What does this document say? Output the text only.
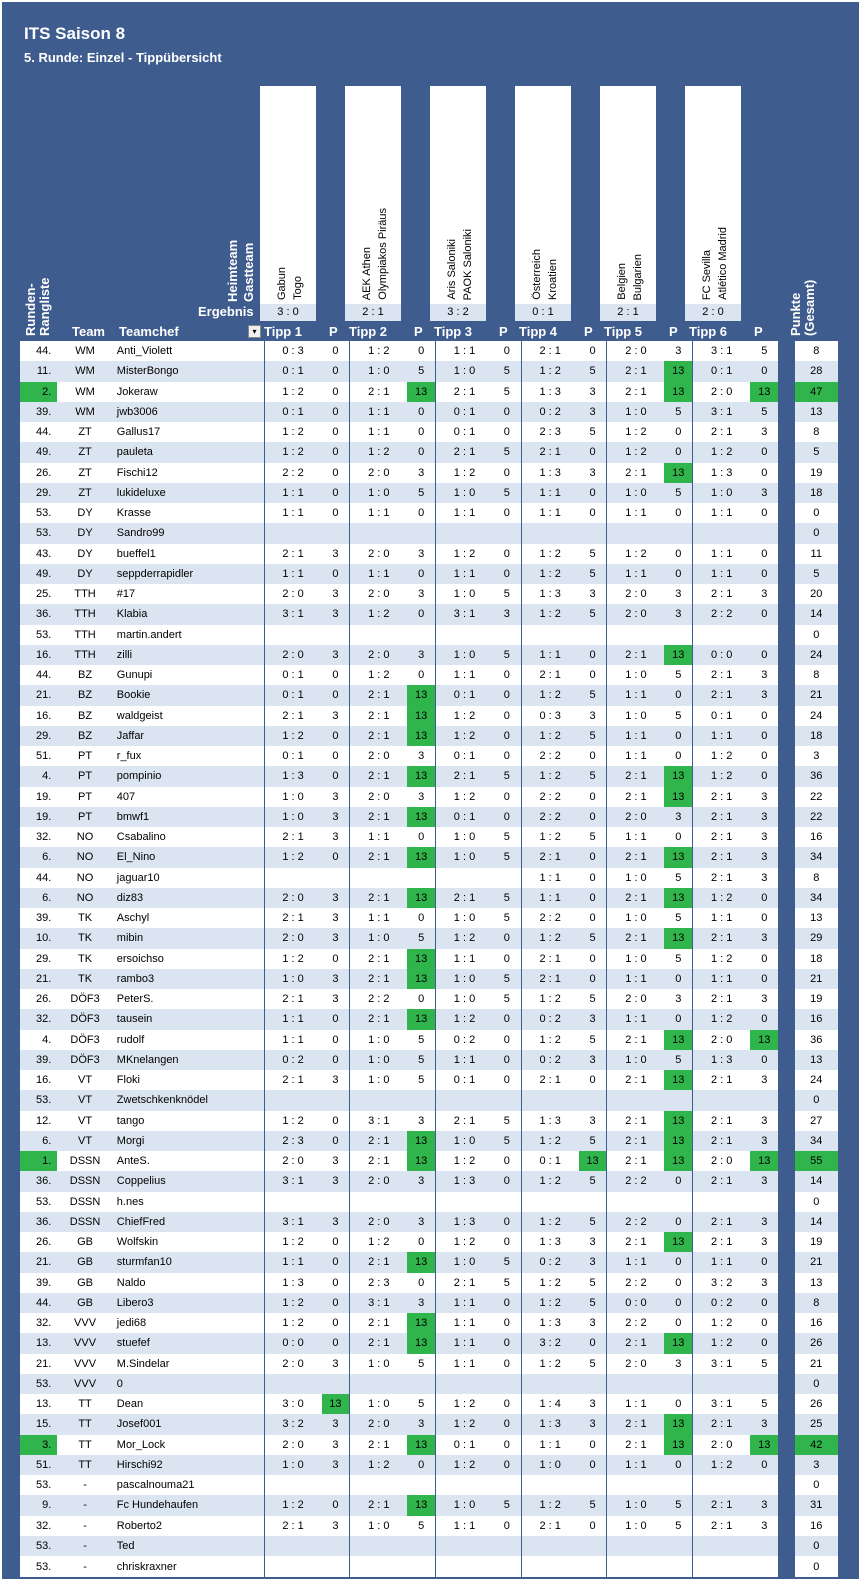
ITS Saison 8
5. Runde: Einzel - Tippübersicht
Runden-Rangliste
Heimteam Gastteam
Ergebnis
Team Teamchef	▾
Gabun Togo
3 : 0
Tipp 1 P
AEK Athen Olympiakos Piräus
2 : 1
Tipp 2 P
Aris Saloniki PAOK Saloniki
3 : 2
Tipp 3 P
Österreich Kroatien
0 : 1
Tipp 4 P
Belgien Bulgarien
2 : 1
Tipp 5 P
FC Sevilla Atlético Madrid
2 : 0
Tipp 6 P Punkte (Gesamt)
44.	WM	Anti_Violett	0 : 3	0	1 : 2	0	1 : 1	0	2 : 1	0	2 : 0	3	3 : 1	5		8
11.	WM	MisterBongo	0 : 1	0	1 : 0	5	1 : 0	5	1 : 2	5	2 : 1	13	0 : 1	0		28
2.	WM	Jokeraw	1 : 2	0	2 : 1	13	2 : 1	5	1 : 3	3	2 : 1	13	2 : 0	13		47
39.	WM	jwb3006	0 : 1	0	1 : 1	0	0 : 1	0	0 : 2	3	1 : 0	5	3 : 1	5		13
44.	ZT	Gallus17	1 : 2	0	1 : 1	0	0 : 1	0	2 : 3	5	1 : 2	0	2 : 1	3		8
49.	ZT	pauleta	1 : 2	0	1 : 2	0	2 : 1	5	2 : 1	0	1 : 2	0	1 : 2	0		5
26.	ZT	Fischi12	2 : 2	0	2 : 0	3	1 : 2	0	1 : 3	3	2 : 1	13	1 : 3	0		19
29.	ZT	lukideluxe	1 : 1	0	1 : 0	5	1 : 0	5	1 : 1	0	1 : 0	5	1 : 0	3		18
53.	DY	Krasse	1 : 1	0	1 : 1	0	1 : 1	0	1 : 1	0	1 : 1	0	1 : 1	0		0
53.	DY	Sandro99														0
43.	DY	bueffel1	2 : 1	3	2 : 0	3	1 : 2	0	1 : 2	5	1 : 2	0	1 : 1	0		11
49.	DY	seppderrapidler	1 : 1	0	1 : 1	0	1 : 1	0	1 : 2	5	1 : 1	0	1 : 1	0		5
25.	TTH	#17	2 : 0	3	2 : 0	3	1 : 0	5	1 : 3	3	2 : 0	3	2 : 1	3		20
36.	TTH	Klabia	3 : 1	3	1 : 2	0	3 : 1	3	1 : 2	5	2 : 0	3	2 : 2	0		14
53.	TTH	martin.andert														0
16.	TTH	zilli	2 : 0	3	2 : 0	3	1 : 0	5	1 : 1	0	2 : 1	13	0 : 0	0		24
44.	BZ	Gunupi	0 : 1	0	1 : 2	0	1 : 1	0	2 : 1	0	1 : 0	5	2 : 1	3		8
21.	BZ	Bookie	0 : 1	0	2 : 1	13	0 : 1	0	1 : 2	5	1 : 1	0	2 : 1	3		21
16.	BZ	waldgeist	2 : 1	3	2 : 1	13	1 : 2	0	0 : 3	3	1 : 0	5	0 : 1	0		24
29.	BZ	Jaffar	1 : 2	0	2 : 1	13	1 : 2	0	1 : 2	5	1 : 1	0	1 : 1	0		18
51.	PT	r_fux	0 : 1	0	2 : 0	3	0 : 1	0	2 : 2	0	1 : 1	0	1 : 2	0		3
4.	PT	pompinio	1 : 3	0	2 : 1	13	2 : 1	5	1 : 2	5	2 : 1	13	1 : 2	0		36
19.	PT	407	1 : 0	3	2 : 0	3	1 : 2	0	2 : 2	0	2 : 1	13	2 : 1	3		22
19.	PT	bmwf1	1 : 0	3	2 : 1	13	0 : 1	0	2 : 2	0	2 : 0	3	2 : 1	3		22
32.	NO	Csabalino	2 : 1	3	1 : 1	0	1 : 0	5	1 : 2	5	1 : 1	0	2 : 1	3		16
6.	NO	El_Nino	1 : 2	0	2 : 1	13	1 : 0	5	2 : 1	0	2 : 1	13	2 : 1	3		34
44.	NO	jaguar10							1 : 1	0	1 : 0	5	2 : 1	3		8
6.	NO	diz83	2 : 0	3	2 : 1	13	2 : 1	5	1 : 1	0	2 : 1	13	1 : 2	0		34
39.	TK	Aschyl	2 : 1	3	1 : 1	0	1 : 0	5	2 : 2	0	1 : 0	5	1 : 1	0		13
10.	TK	mibin	2 : 0	3	1 : 0	5	1 : 2	0	1 : 2	5	2 : 1	13	2 : 1	3		29
29.	TK	ersoichso	1 : 2	0	2 : 1	13	1 : 1	0	2 : 1	0	1 : 0	5	1 : 2	0		18
21.	TK	rambo3	1 : 0	3	2 : 1	13	1 : 0	5	2 : 1	0	1 : 1	0	1 : 1	0		21
26.	DÖF3	PeterS.	2 : 1	3	2 : 2	0	1 : 0	5	1 : 2	5	2 : 0	3	2 : 1	3		19
32.	DÖF3	tausein	1 : 1	0	2 : 1	13	1 : 2	0	0 : 2	3	1 : 1	0	1 : 2	0		16
4.	DÖF3	rudolf	1 : 1	0	1 : 0	5	0 : 2	0	1 : 2	5	2 : 1	13	2 : 0	13		36
39.	DÖF3	MKnelangen	0 : 2	0	1 : 0	5	1 : 1	0	0 : 2	3	1 : 0	5	1 : 3	0		13
16.	VT	Floki	2 : 1	3	1 : 0	5	0 : 1	0	2 : 1	0	2 : 1	13	2 : 1	3		24
53.	VT	Zwetschkenknödel														0
12.	VT	tango	1 : 2	0	3 : 1	3	2 : 1	5	1 : 3	3	2 : 1	13	2 : 1	3		27
6.	VT	Morgi	2 : 3	0	2 : 1	13	1 : 0	5	1 : 2	5	2 : 1	13	2 : 1	3		34
1.	DSSN	AnteS.	2 : 0	3	2 : 1	13	1 : 2	0	0 : 1	13	2 : 1	13	2 : 0	13		55
36.	DSSN	Coppelius	3 : 1	3	2 : 0	3	1 : 3	0	1 : 2	5	2 : 2	0	2 : 1	3		14
53.	DSSN	h.nes														0
36.	DSSN	ChiefFred	3 : 1	3	2 : 0	3	1 : 3	0	1 : 2	5	2 : 2	0	2 : 1	3		14
26.	GB	Wolfskin	1 : 2	0	1 : 2	0	1 : 2	0	1 : 3	3	2 : 1	13	2 : 1	3		19
21.	GB	sturmfan10	1 : 1	0	2 : 1	13	1 : 0	5	0 : 2	3	1 : 1	0	1 : 1	0		21
39.	GB	Naldo	1 : 3	0	2 : 3	0	2 : 1	5	1 : 2	5	2 : 2	0	3 : 2	3		13
44.	GB	Libero3	1 : 2	0	3 : 1	3	1 : 1	0	1 : 2	5	0 : 0	0	0 : 2	0		8
32.	VVV	jedi68	1 : 2	0	2 : 1	13	1 : 1	0	1 : 3	3	2 : 2	0	1 : 2	0		16
13.	VVV	stuefef	0 : 0	0	2 : 1	13	1 : 1	0	3 : 2	0	2 : 1	13	1 : 2	0		26
21.	VVV	M.Sindelar	2 : 0	3	1 : 0	5	1 : 1	0	1 : 2	5	2 : 0	3	3 : 1	5		21
53.	VVV	0														0
13.	TT	Dean	3 : 0	13	1 : 0	5	1 : 2	0	1 : 4	3	1 : 1	0	3 : 1	5		26
15.	TT	Josef001	3 : 2	3	2 : 0	3	1 : 2	0	1 : 3	3	2 : 1	13	2 : 1	3		25
3.	TT	Mor_Lock	2 : 0	3	2 : 1	13	0 : 1	0	1 : 1	0	2 : 1	13	2 : 0	13		42
51.	TT	Hirschi92	1 : 0	3	1 : 2	0	1 : 2	0	1 : 0	0	1 : 1	0	1 : 2	0		3
53.	-	pascalnouma21														0
9.	-	Fc Hundehaufen	1 : 2	0	2 : 1	13	1 : 0	5	1 : 2	5	1 : 0	5	2 : 1	3		31
32.	-	Roberto2	2 : 1	3	1 : 0	5	1 : 1	0	2 : 1	0	1 : 0	5	2 : 1	3		16
53.	-	Ted														0
53.	-	chriskraxner														0
